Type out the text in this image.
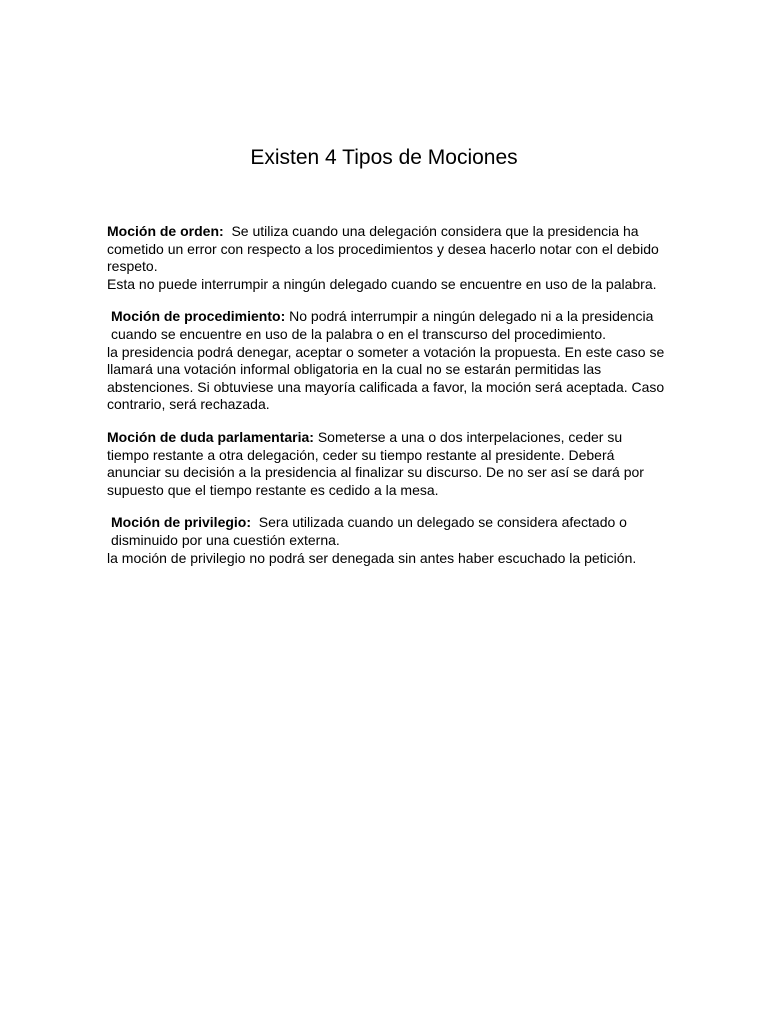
Existen 4 Tipos de Mociones

Moción de orden:  Se utiliza cuando una delegación considera que la presidencia ha cometido un error con respecto a los procedimientos y desea hacerlo notar con el debido respeto.

Esta no puede interrumpir a ningún delegado cuando se encuentre en uso de la palabra.

Moción de procedimiento: No podrá interrumpir a ningún delegado ni a la presidencia cuando se encuentre en uso de la palabra o en el transcurso del procedimiento.

la presidencia podrá denegar, aceptar o someter a votación la propuesta. En este caso se llamará una votación informal obligatoria en la cual no se estarán permitidas las abstenciones. Si obtuviese una mayoría calificada a favor, la moción será aceptada. Caso contrario, será rechazada.

Moción de duda parlamentaria: Someterse a una o dos interpelaciones, ceder su tiempo restante a otra delegación, ceder su tiempo restante al presidente. Deberá anunciar su decisión a la presidencia al finalizar su discurso. De no ser así se dará por supuesto que el tiempo restante es cedido a la mesa.

Moción de privilegio:  Sera utilizada cuando un delegado se considera afectado o disminuido por una cuestión externa.

la moción de privilegio no podrá ser denegada sin antes haber escuchado la petición.
